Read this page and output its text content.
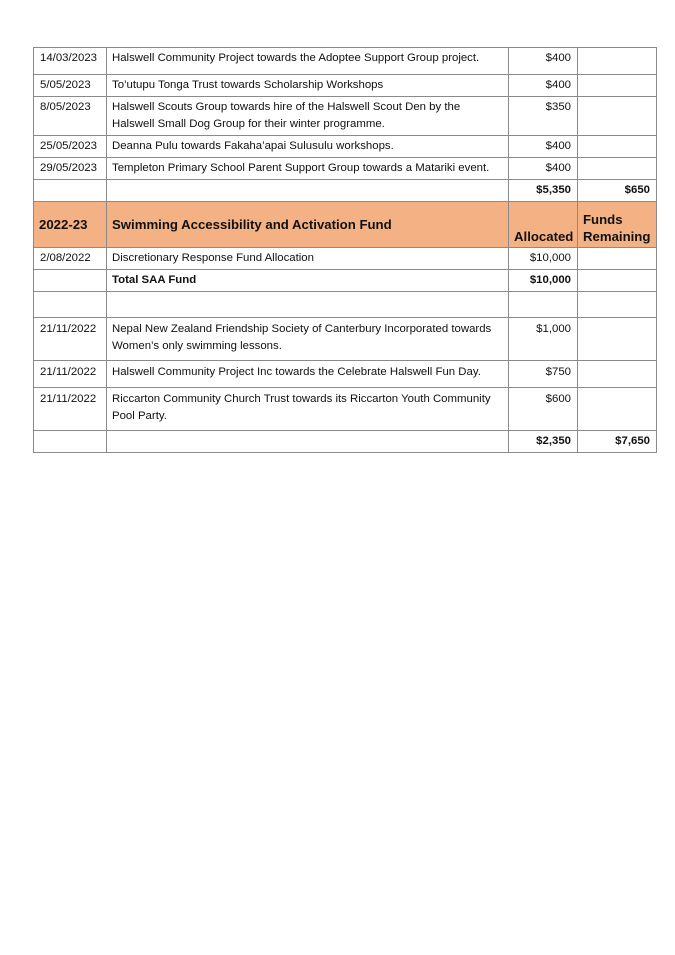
14/03/2023	Halswell Community Project towards the Adoptee Support Group project.	$400	
5/05/2023	To’utupu Tonga Trust towards Scholarship Workshops	$400	
8/05/2023	Halswell Scouts Group towards hire of the Halswell Scout Den by the Halswell Small Dog Group for their winter programme.	$350	
25/05/2023	Deanna Pulu towards Fakaha’apai Sulusulu workshops.	$400	
29/05/2023	Templeton Primary School Parent Support Group towards a Matariki event.	$400	
		$5,350	$650
2022-23	Swimming Accessibility and Activation Fund	Allocated	Funds Remaining
2/08/2022	Discretionary Response Fund Allocation	$10,000	
	Total SAA Fund	$10,000	

21/11/2022	Nepal New Zealand Friendship Society of Canterbury Incorporated towards Women’s only swimming lessons.	$1,000	
21/11/2022	Halswell Community Project Inc towards the Celebrate Halswell Fun Day.	$750	
21/11/2022	Riccarton Community Church Trust towards its Riccarton Youth Community Pool Party.	$600	
		$2,350	$7,650
